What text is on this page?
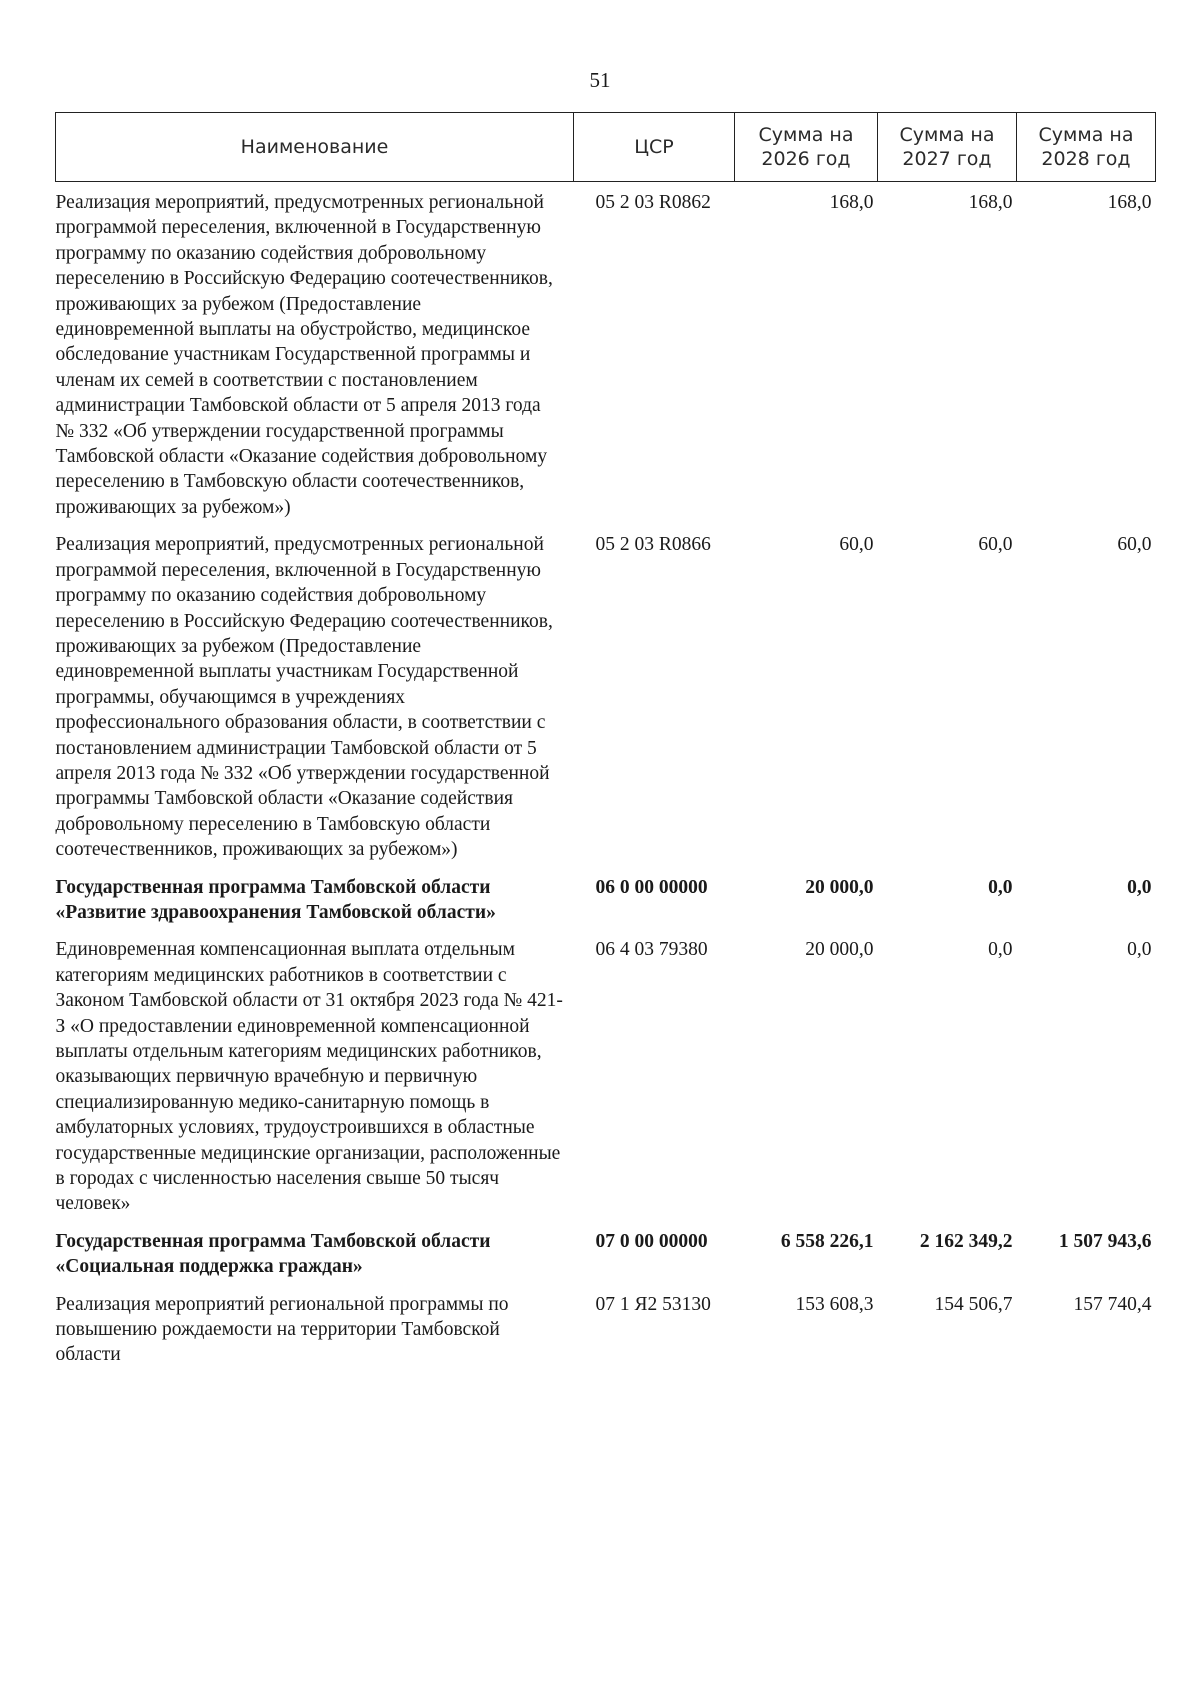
51
Наименование	ЦСР	Сумма на 2026 год	Сумма на 2027 год	Сумма на 2028 год
Реализация мероприятий, предусмотренных региональной программой переселения, включенной в Государственную программу по оказанию содействия добровольному переселению в Российскую Федерацию соотечественников, проживающих за рубежом (Предоставление единовременной выплаты на обустройство, медицинское обследование участникам Государственной программы и членам их семей в соответствии с постановлением администрации Тамбовской области от 5 апреля 2013 года № 332 «Об утверждении государственной программы Тамбовской области «Оказание содействия добровольному переселению в Тамбовскую области соотечественников, проживающих за рубежом»)	05 2 03 R0862	168,0	168,0	168,0
Реализация мероприятий, предусмотренных региональной программой переселения, включенной в Государственную программу по оказанию содействия добровольному переселению в Российскую Федерацию соотечественников, проживающих за рубежом (Предоставление единовременной выплаты участникам Государственной программы, обучающимся в учреждениях профессионального образования области, в соответствии с постановлением администрации Тамбовской области от 5 апреля 2013 года № 332 «Об утверждении государственной программы Тамбовской области «Оказание содействия добровольному переселению в Тамбовскую области соотечественников, проживающих за рубежом»)	05 2 03 R0866	60,0	60,0	60,0
Государственная программа Тамбовской области «Развитие здравоохранения Тамбовской области»	06 0 00 00000	20 000,0	0,0	0,0
Единовременная компенсационная выплата отдельным категориям медицинских работников в соответствии с Законом Тамбовской области от 31 октября 2023 года № 421-З «О предоставлении единовременной компенсационной выплаты отдельным категориям медицинских работников, оказывающих первичную врачебную и первичную специализированную медико-санитарную помощь в амбулаторных условиях, трудоустроившихся в областные государственные медицинские организации, расположенные в городах с численностью населения свыше 50 тысяч человек»	06 4 03 79380	20 000,0	0,0	0,0
Государственная программа Тамбовской области «Социальная поддержка граждан»	07 0 00 00000	6 558 226,1	2 162 349,2	1 507 943,6
Реализация мероприятий региональной программы по повышению рождаемости на территории Тамбовской области	07 1 Я2 53130	153 608,3	154 506,7	157 740,4
